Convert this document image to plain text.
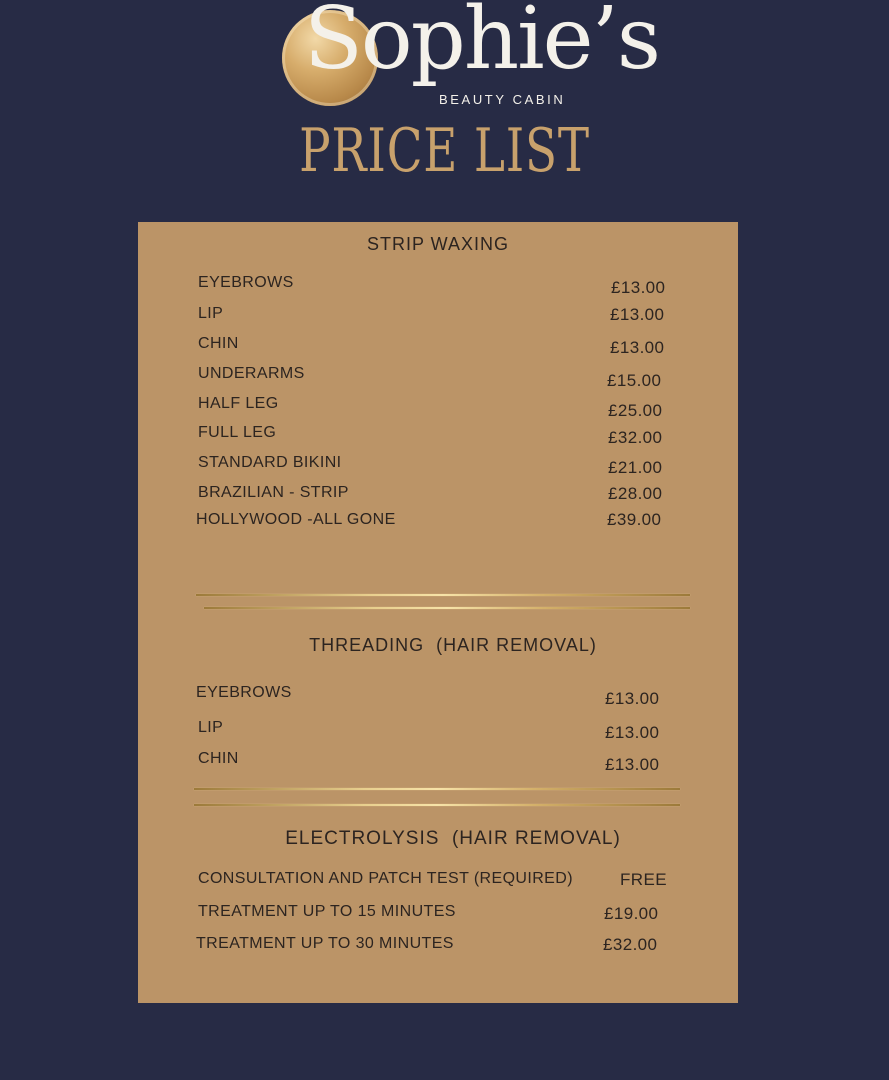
Sophie’s
BEAUTY CABIN
PRICE LIST
STRIP WAXING
EYEBROWS	£13.00
LIP	£13.00
CHIN	£13.00
UNDERARMS	£15.00
HALF LEG	£25.00
FULL LEG	£32.00
STANDARD BIKINI	£21.00
BRAZILIAN - STRIP	£28.00
HOLLYWOOD -ALL GONE	£39.00
THREADING  (HAIR REMOVAL)
EYEBROWS	£13.00
LIP	£13.00
CHIN	£13.00
ELECTROLYSIS  (HAIR REMOVAL)
CONSULTATION AND PATCH TEST (REQUIRED)	FREE
TREATMENT UP TO 15 MINUTES	£19.00
TREATMENT UP TO 30 MINUTES	£32.00
